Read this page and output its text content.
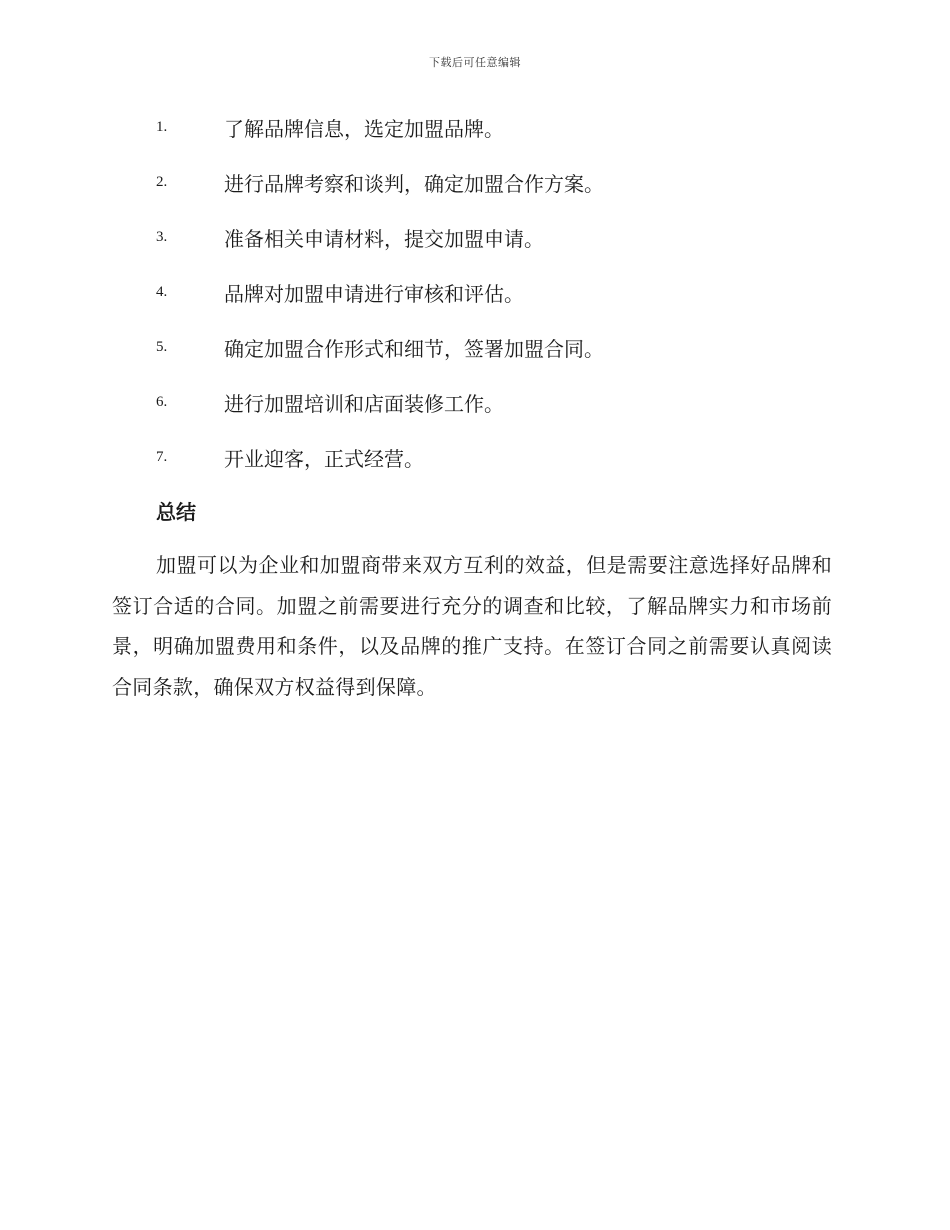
下载后可任意编辑
1.	了解品牌信息，选定加盟品牌。
2.	进行品牌考察和谈判，确定加盟合作方案。
3.	准备相关申请材料，提交加盟申请。
4.	品牌对加盟申请进行审核和评估。
5.	确定加盟合作形式和细节，签署加盟合同。
6.	进行加盟培训和店面装修工作。
7.	开业迎客，正式经营。
总结

加盟可以为企业和加盟商带来双方互利的效益，但是需要注意选择好品牌和签订合适的合同。加盟之前需要进行充分的调查和比较，了解品牌实力和市场前景，明确加盟费用和条件，以及品牌的推广支持。在签订合同之前需要认真阅读合同条款，确保双方权益得到保障。
